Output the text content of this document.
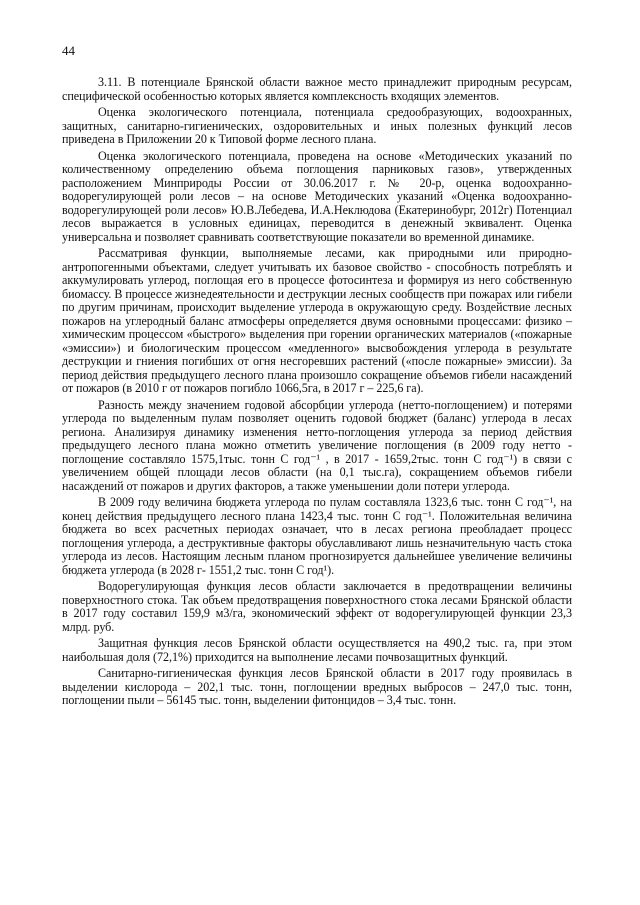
44

3.11. В потенциале Брянской области важное место принадлежит природным ресурсам, специфической особенностью которых является комплексность входящих элементов.

Оценка экологического потенциала, потенциала средообразующих, водоохранных, защитных, санитарно-гигиенических, оздоровительных и иных полезных функций лесов приведена в Приложении 20 к Типовой форме лесного плана.

Оценка экологического потенциала, проведена на основе «Методических указаний по количественному определению объема поглощения парниковых газов», утвержденных расположением Минприроды России от 30.06.2017 г. № 20-р, оценка водоохранно-водорегулирующей роли лесов – на основе Методических указаний «Оценка водоохранно-водорегулирующей роли лесов» Ю.В.Лебедева, И.А.Неклюдова (Екатеринобург, 2012г) Потенциал лесов выражается в условных единицах, переводится в денежный эквивалент. Оценка универсальна и позволяет сравнивать соответствующие показатели во временной динамике.

Рассматривая функции, выполняемые лесами, как природными или природно-антропогенными объектами, следует учитывать их базовое свойство - способность потреблять и аккумулировать углерод, поглощая его в процессе фотосинтеза и формируя из него собственную биомассу. В процессе жизнедеятельности и деструкции лесных сообществ при пожарах или гибели по другим причинам, происходит выделение углерода в окружающую среду. Воздействие лесных пожаров на углеродный баланс атмосферы определяется двумя основными процессами: физико – химическим процессом «быстрого» выделения при горении органических материалов («пожарные «эмиссии») и биологическим процессом «медленного» высвобождения углерода в результате деструкции и гниения погибших от огня несгоревших растений («после пожарные» эмиссии). За период действия предыдущего лесного плана произошло сокращение объемов гибели насаждений от пожаров (в 2010 г от пожаров погибло 1066,5га, в 2017 г – 225,6 га).

Разность между значением годовой абсорбции углерода (нетто-поглощением) и потерями углерода по выделенным пулам позволяет оценить годовой бюджет (баланс) углерода в лесах региона. Анализируя динамику изменения нетто-поглощения углерода за период действия предыдущего лесного плана можно отметить увеличение поглощения (в 2009 году нетто - поглощение составляло 1575,1тыс. тонн С год⁻¹ , в 2017 - 1659,2тыс. тонн С год⁻¹) в связи с увеличением общей площади лесов области (на 0,1 тыс.га), сокращением объемов гибели насаждений от пожаров и других факторов, а также уменьшении доли потери углерода.

В 2009 году величина бюджета углерода по пулам составляла 1323,6 тыс. тонн С год⁻¹, на конец действия предыдущего лесного плана 1423,4 тыс. тонн С год⁻¹. Положительная величина бюджета во всех расчетных периодах означает, что в лесах региона преобладает процесс поглощения углерода, а деструктивные факторы обуславливают лишь незначительную часть стока углерода из лесов. Настоящим лесным планом прогнозируется дальнейшее увеличение величины бюджета углерода (в 2028 г- 1551,2 тыс. тонн С год¹).

Водорегулирующая функция лесов области заключается в предотвращении величины поверхностного стока. Так объем предотвращения поверхностного стока лесами Брянской области в 2017 году составил 159,9 м3/га, экономический эффект от водорегулирующей функции 23,3 млрд. руб.

Защитная функция лесов Брянской области осуществляется на 490,2 тыс. га, при этом наибольшая доля (72,1%) приходится на выполнение лесами почвозащитных функций.

Санитарно-гигиеническая функция лесов Брянской области в 2017 году проявилась в выделении кислорода – 202,1 тыс. тонн, поглощении вредных выбросов – 247,0 тыс. тонн, поглощении пыли – 56145 тыс. тонн, выделении фитонцидов – 3,4 тыс. тонн.
